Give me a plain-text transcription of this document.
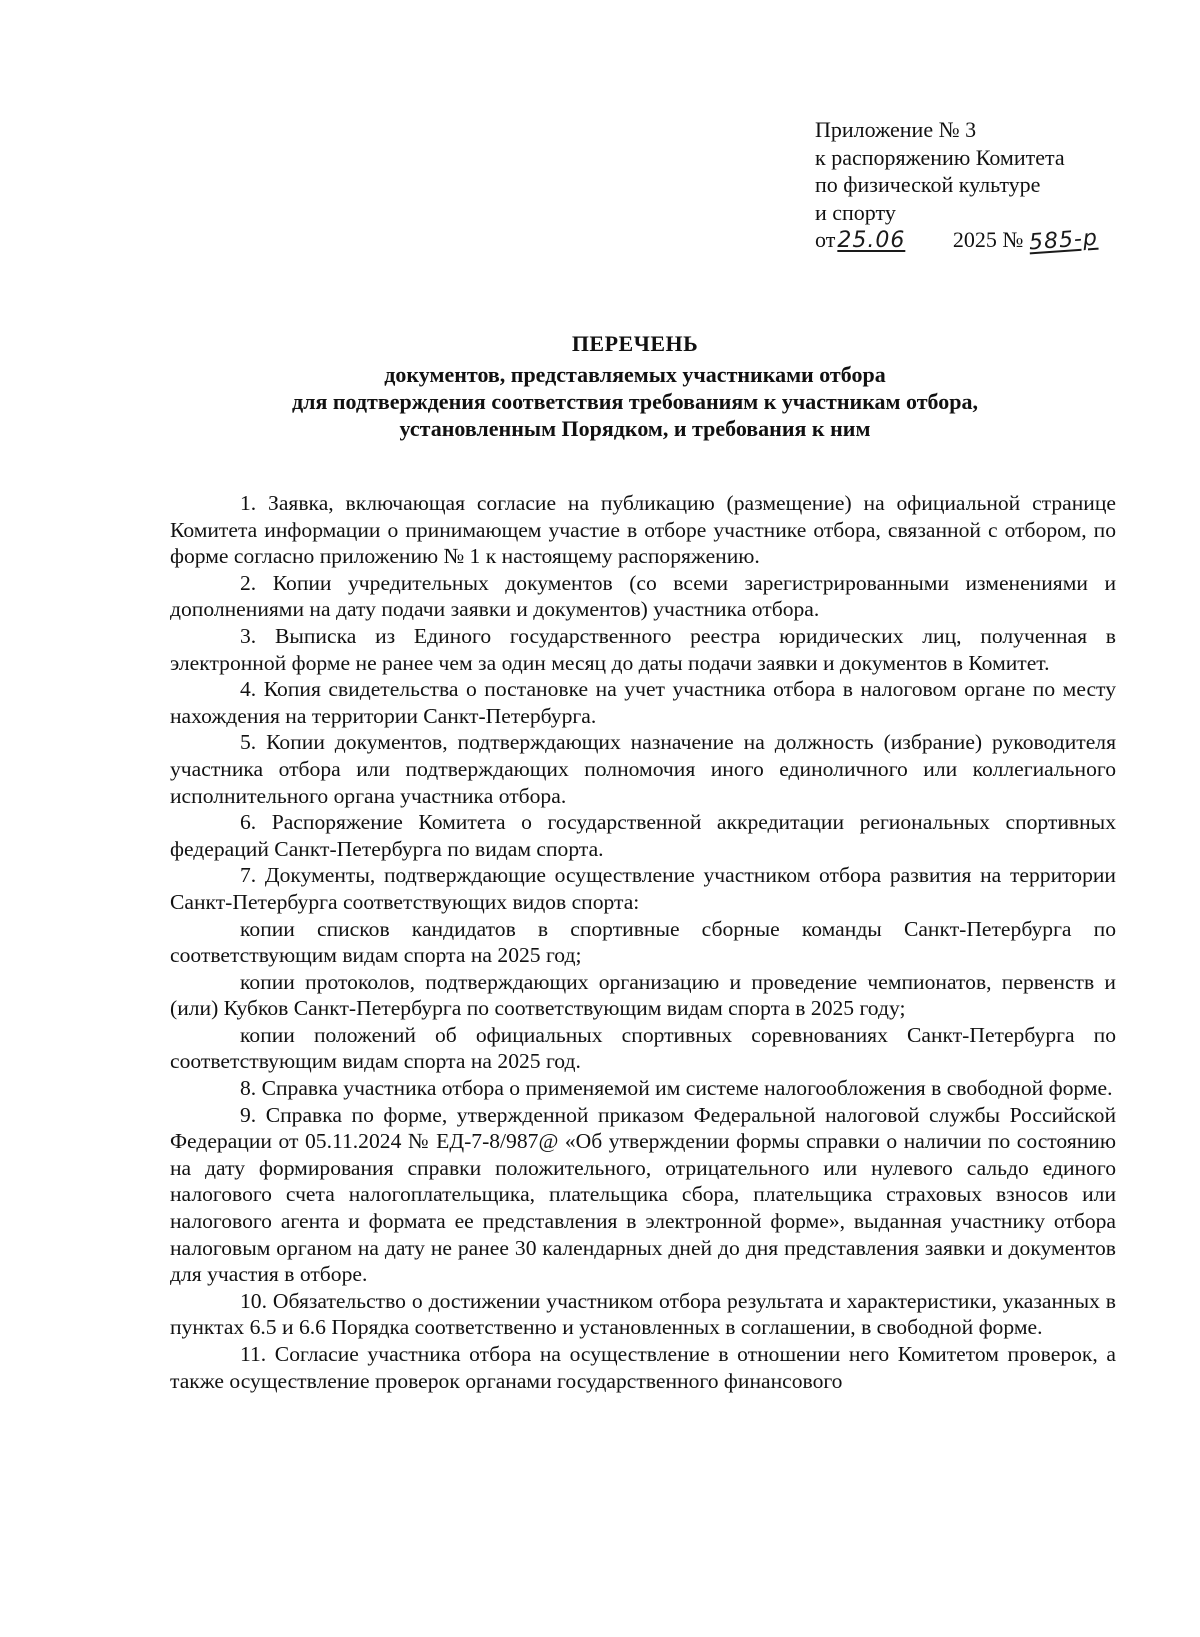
Приложение № 3
к распоряжению Комитета
по физической культуре
и спорту
от25.06 2025 № 585-р
ПЕРЕЧЕНЬ
документов, представляемых участниками отбора
для подтверждения соответствия требованиям к участникам отбора,
установленным Порядком, и требования к ним

1. Заявка, включающая согласие на публикацию (размещение) на официальной странице Комитета информации о принимающем участие в отборе участнике отбора, связанной с отбором, по форме согласно приложению № 1 к настоящему распоряжению.

2. Копии учредительных документов (со всеми зарегистрированными изменениями и дополнениями на дату подачи заявки и документов) участника отбора.

3. Выписка из Единого государственного реестра юридических лиц, полученная в электронной форме не ранее чем за один месяц до даты подачи заявки и документов в Комитет.

4. Копия свидетельства о постановке на учет участника отбора в налоговом органе по месту нахождения на территории Санкт-Петербурга.

5. Копии документов, подтверждающих назначение на должность (избрание) руководителя участника отбора или подтверждающих полномочия иного единоличного или коллегиального исполнительного органа участника отбора.

6. Распоряжение Комитета о государственной аккредитации региональных спортивных федераций Санкт-Петербурга по видам спорта.

7. Документы, подтверждающие осуществление участником отбора развития на территории Санкт-Петербурга соответствующих видов спорта:

копии списков кандидатов в спортивные сборные команды Санкт-Петербурга по соответствующим видам спорта на 2025 год;

копии протоколов, подтверждающих организацию и проведение чемпионатов, первенств и (или) Кубков Санкт-Петербурга по соответствующим видам спорта в 2025 году;

копии положений об официальных спортивных соревнованиях Санкт-Петербурга по соответствующим видам спорта на 2025 год.

8. Справка участника отбора о применяемой им системе налогообложения в свободной форме.

9. Справка по форме, утвержденной приказом Федеральной налоговой службы Российской Федерации от 05.11.2024 № ЕД-7-8/987@ «Об утверждении формы справки о наличии по состоянию на дату формирования справки положительного, отрицательного или нулевого сальдо единого налогового счета налогоплательщика, плательщика сбора, плательщика страховых взносов или налогового агента и формата ее представления в электронной форме», выданная участнику отбора налоговым органом на дату не ранее 30 календарных дней до дня представления заявки и документов для участия в отборе.

10. Обязательство о достижении участником отбора результата и характеристики, указанных в пунктах 6.5 и 6.6 Порядка соответственно и установленных в соглашении, в свободной форме.

11. Согласие участника отбора на осуществление в отношении него Комитетом проверок, а также осуществление проверок органами государственного финансового
